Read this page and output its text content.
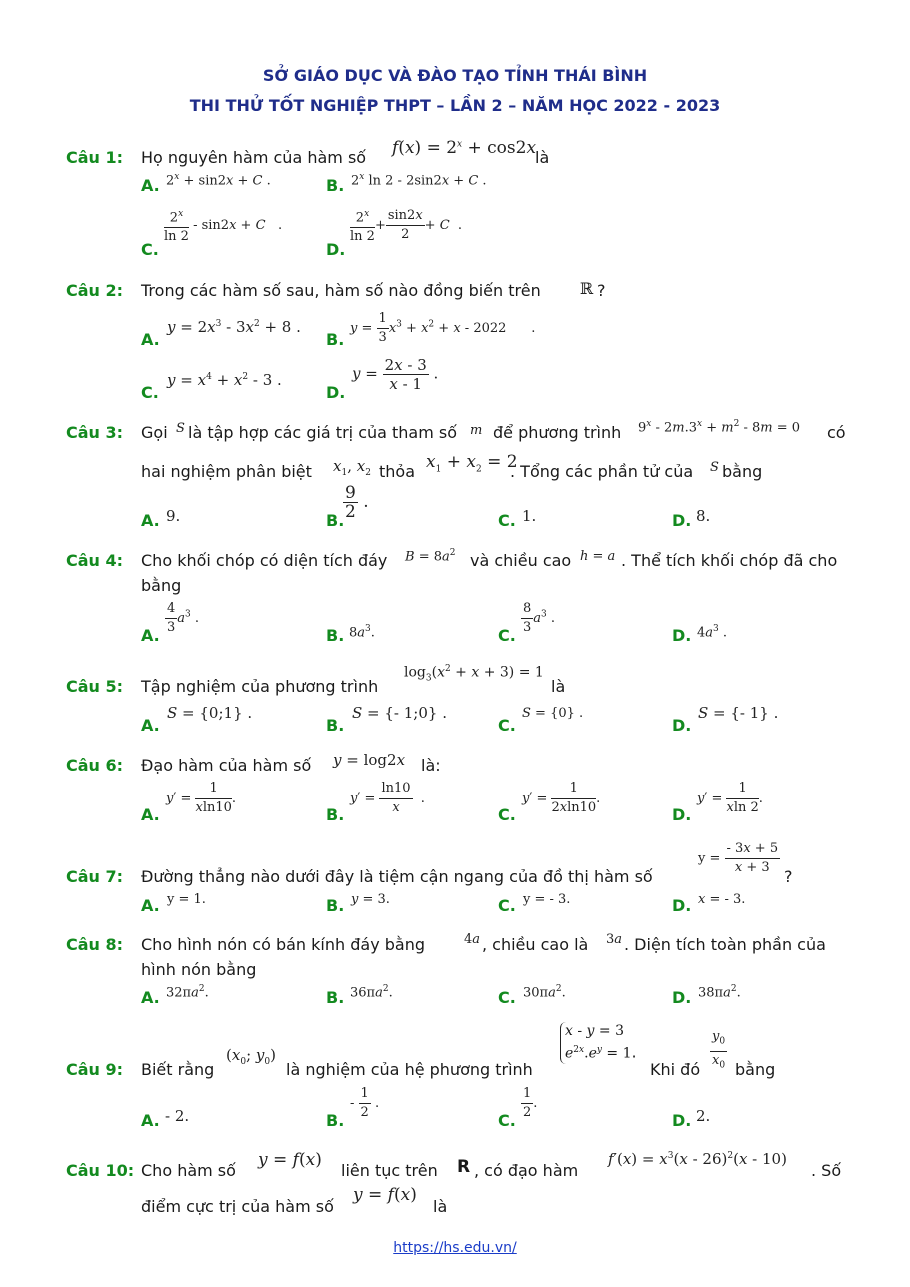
SỞ GIÁO DỤC VÀ ĐÀO TẠO TỈNH THÁI BÌNH
THI THỬ TỐT NGHIỆP THPT – LẦN 2 – NĂM HỌC 2022 - 2023
Câu 1: Họ nguyên hàm của hàm số $f(x) = 2^x + \cos 2x$
là
A. $2^x + \sin 2x + C$ .	B. 2$^x$ ln 2 - 2sin2x + C .
C.
$\frac{2^x}{\ln 2} - \sin 2x + C$   .
D.
$\frac{2^x}{\ln 2} + \frac{\sin 2x}{2} + C$  .
Câu 2: Trong các hàm số sau, hàm số nào đồng biến trên ℝ ?
A.
$y = 2x^3 - 3x^2 + 8$ .
B.
$y = \frac{1}{3} x^3 + x^2 + x - 2022$      .
C.
$y = x^4 + x^2 - 3$ .
D.
$y = \frac{2x - 3}{x - 1}$ .
Câu 3: Gọi S là tập hợp các giá trị của tham số m để phương trình $9^x - 2m.3^x + m^2 - 8m = 0$ có
hai nghiệm phân biệt $x_1$, $x_2$ thỏa $x_1 + x_2 = 2$
. Tổng các phần tử của S bằng
A. 9.	B.
$\frac{9}{2}$ .
C. 1.	D. 8.
Câu 4: Cho khối chóp có diện tích đáy $B = 8a^2$ và chiều cao h = a . Thể tích khối chóp đã cho
bằng
A. $\frac{4}{3} a^3$ .
B. $8a^3$.	C. $\frac{8}{3} a^3$ .
D. $4a^3$ .
Câu 5: Tập nghiệm của phương trình
$\log_3(x^2 + x + 3) = 1$
là
A.
S = {0;1} .
B.
S = {- 1;0} .
C.
S = {0} .
D.
S = {- 1} .
Câu 6: Đạo hàm của hàm số y = log2x là:
A.
$y' = \frac{1}{xln10}$ .
B.
$y' = \frac{\ln 10}{x}$ .
C.
$y' = \frac{1}{2xln10}$ .
D.
$y' = \frac{1}{xln 2}$ .
Câu 7: Đường thẳng nào dưới đây là tiệm cận ngang của đồ thị hàm số
$y = \frac{- 3x + 5}{x + 3}$ ?
A. y = 1.	B. y = 3.	C. y = - 3.	D. x = - 3.
Câu 8: Cho hình nón có bán kính đáy bằng	4a , chiều cao là 3a . Diện tích toàn phần của
hình nón bằng
A. $32\pi a^2$.	B. $36\pi a^2$.	C. $30\pi a^2$.	D. $38\pi a^2$.
Câu 9: Biết rằng
($x_0$; $y_0$)
là nghiệm của hệ phương trình
x - y = 3
$e^{2x}.e^y = 1$.
Khi đó $\frac{y_0}{x_0}$ bằng
A. - 2.	B.
- $\frac{1}{2}$ .
C. $\frac{1}{2}$ .
D. 2.
Câu 10: Cho hàm số
y = f(x)
liên tục trên R , có đạo hàm
$f'(x) = x^3(x - 26)^2(x - 10)$
. Số
điểm cực trị của hàm số
y = f(x)
là
https://hs.edu.vn/
